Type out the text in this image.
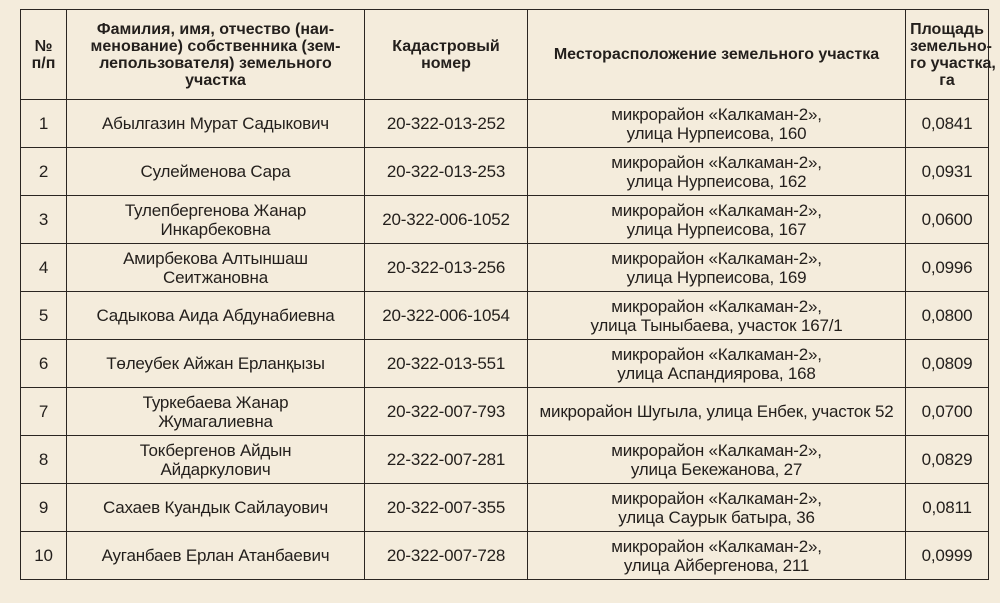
№
п/п	Фамилия, имя, отчество (наи-
менование) собственника (зем-
лепользователя) земельного
участка	Кадастровый
номер	Месторасположение земельного участка	Площадь
земельно-
го участка,
га

1	Абылгазин Мурат Садыкович	20-322-013-252	микрорайон «Калкаман-2»,
улица Нурпеисова, 160	0,0841
2	Сулейменова Сара	20-322-013-253	микрорайон «Калкаман-2»,
улица Нурпеисова, 162	0,0931
3	Тулепбергенова Жанар
Инкарбековна	20-322-006-1052	микрорайон «Калкаман-2»,
улица Нурпеисова, 167	0,0600
4	Амирбекова Алтыншаш
Сеитжановна	20-322-013-256	микрорайон «Калкаман-2»,
улица Нурпеисова, 169	0,0996
5	Садыкова Аида Абдунабиевна	20-322-006-1054	микрорайон «Калкаман-2»,
улица Тыныбаева, участок 167/1	0,0800
6	Төлеубек Айжан Ерланқызы	20-322-013-551	микрорайон «Калкаман-2»,
улица Аспандиярова, 168	0,0809
7	Туркебаева Жанар
Жумагалиевна	20-322-007-793	микрорайон Шугыла, улица Енбек, участок 52	0,0700
8	Токбергенов Айдын
Айдаркулович	22-322-007-281	микрорайон «Калкаман-2»,
улица Бекежанова, 27	0,0829
9	Сахаев Куандык Сайлауович	20-322-007-355	микрорайон «Калкаман-2»,
улица Саурык батыра, 36	0,0811
10	Ауганбаев Ерлан Атанбаевич	20-322-007-728	микрорайон «Калкаман-2»,
улица Айбергенова, 211	0,0999
